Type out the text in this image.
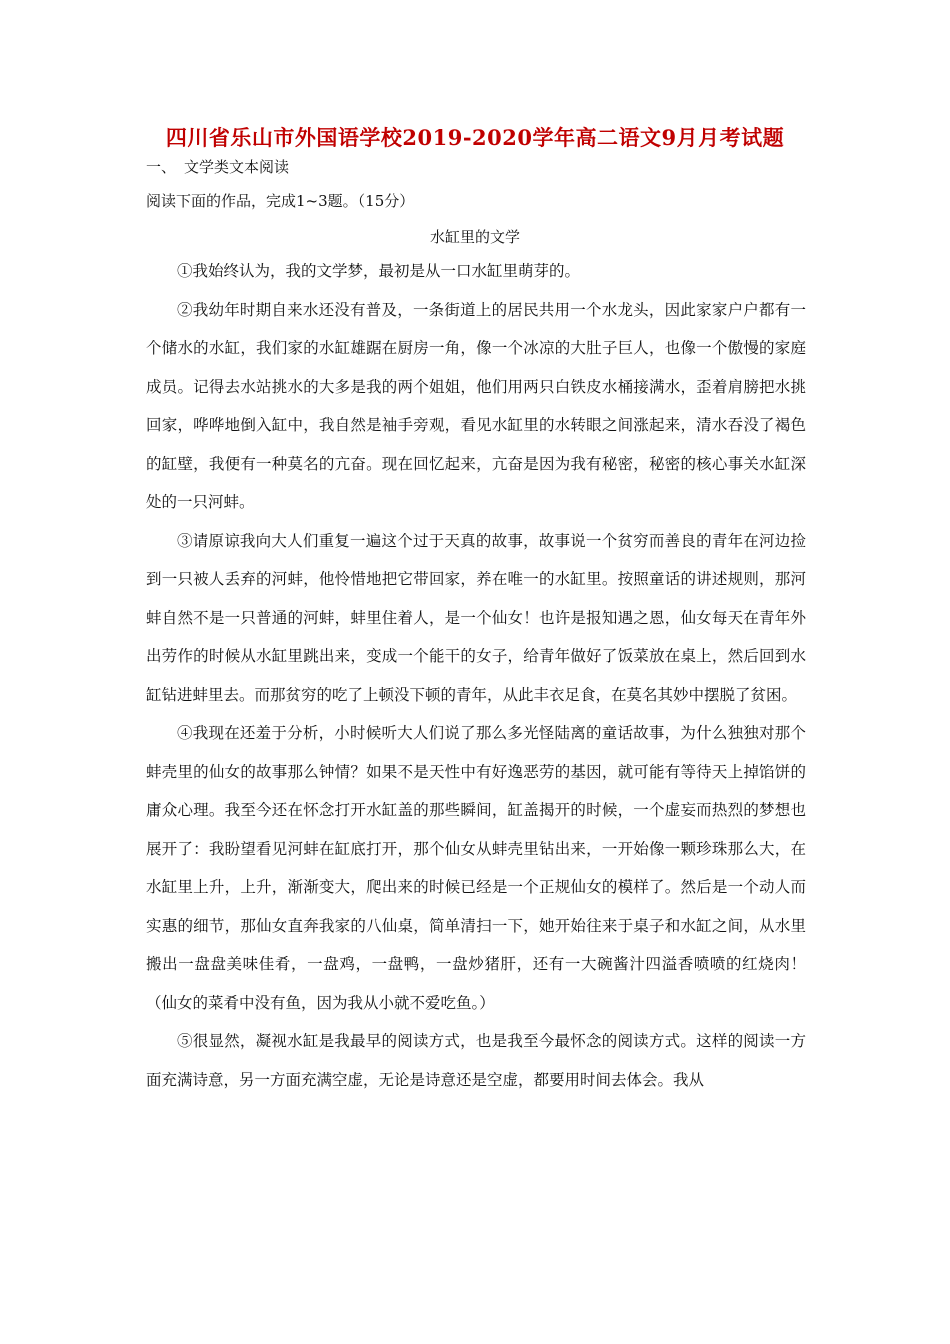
四川省乐山市外国语学校2019-2020学年高二语文9月月考试题
一、 文学类文本阅读
阅读下面的作品，完成1~3题。（15分）
水缸里的文学

①我始终认为，我的文学梦，最初是从一口水缸里萌芽的。

②我幼年时期自来水还没有普及，一条街道上的居民共用一个水龙头，因此家家户户都有一个储水的水缸，我们家的水缸雄踞在厨房一角，像一个冰凉的大肚子巨人，也像一个傲慢的家庭成员。记得去水站挑水的大多是我的两个姐姐，他们用两只白铁皮水桶接满水，歪着肩膀把水挑回家，哗哗地倒入缸中，我自然是袖手旁观，看见水缸里的水转眼之间涨起来，清水吞没了褐色的缸壁，我便有一种莫名的亢奋。现在回忆起来，亢奋是因为我有秘密，秘密的核心事关水缸深处的一只河蚌。

③请原谅我向大人们重复一遍这个过于天真的故事，故事说一个贫穷而善良的青年在河边捡到一只被人丢弃的河蚌，他怜惜地把它带回家，养在唯一的水缸里。按照童话的讲述规则，那河蚌自然不是一只普通的河蚌，蚌里住着人，是一个仙女！也许是报知遇之恩，仙女每天在青年外出劳作的时候从水缸里跳出来，变成一个能干的女子，给青年做好了饭菜放在桌上，然后回到水缸钻进蚌里去。而那贫穷的吃了上顿没下顿的青年，从此丰衣足食，在莫名其妙中摆脱了贫困。

④我现在还羞于分析，小时候听大人们说了那么多光怪陆离的童话故事，为什么独独对那个蚌壳里的仙女的故事那么钟情？如果不是天性中有好逸恶劳的基因，就可能有等待天上掉馅饼的庸众心理。我至今还在怀念打开水缸盖的那些瞬间，缸盖揭开的时候，一个虚妄而热烈的梦想也展开了：我盼望看见河蚌在缸底打开，那个仙女从蚌壳里钻出来，一开始像一颗珍珠那么大，在水缸里上升，上升，渐渐变大，爬出来的时候已经是一个正规仙女的模样了。然后是一个动人而实惠的细节，那仙女直奔我家的八仙桌，简单清扫一下，她开始往来于桌子和水缸之间，从水里搬出一盘盘美味佳肴，一盘鸡，一盘鸭，一盘炒猪肝，还有一大碗酱汁四溢香喷喷的红烧肉！（仙女的菜肴中没有鱼，因为我从小就不爱吃鱼。）

⑤很显然，凝视水缸是我最早的阅读方式，也是我至今最怀念的阅读方式。这样的阅读一方面充满诗意，另一方面充满空虚，无论是诗意还是空虚，都要用时间去体会。我从
